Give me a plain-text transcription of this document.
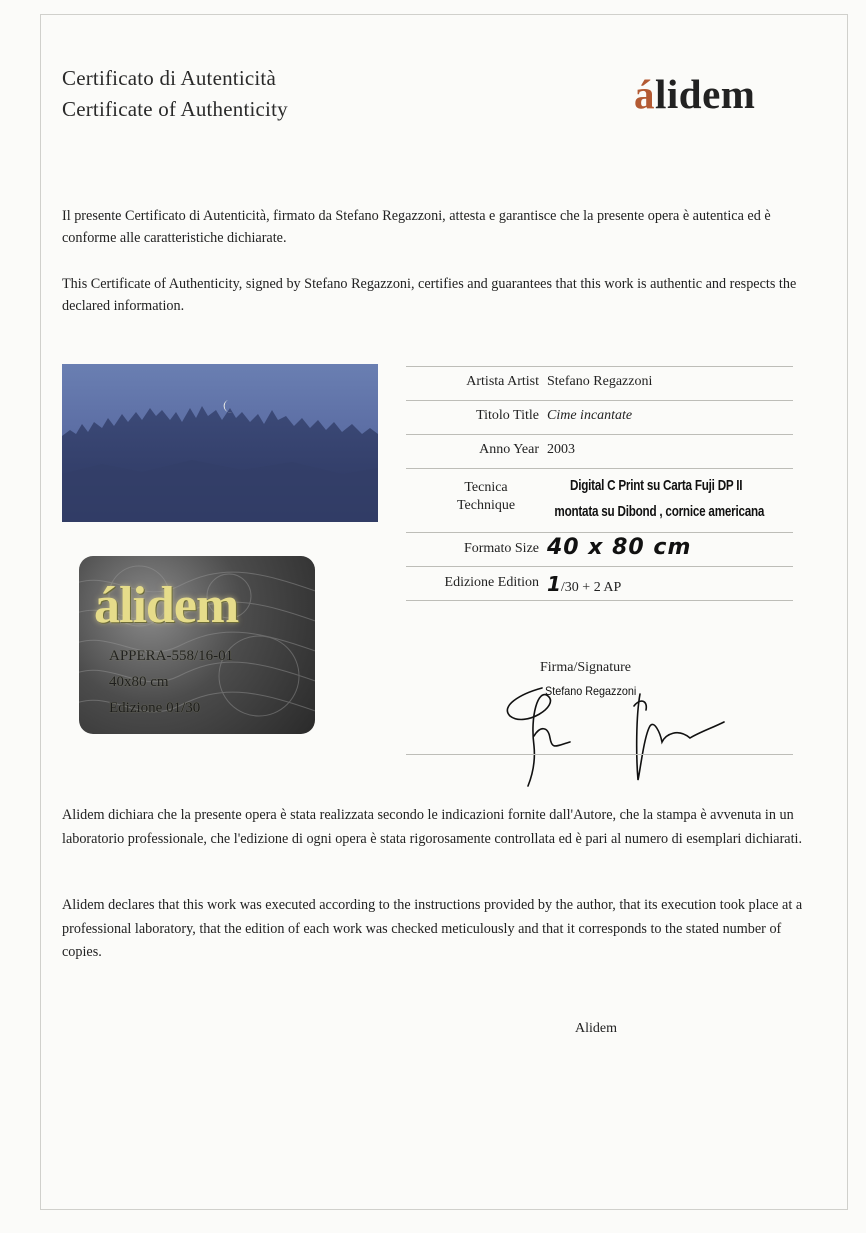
Certificato di Autenticità
Certificate of Authenticity	álidem

Il presente Certificato di Autenticità, firmato da Stefano Regazzoni, attesta e garantisce che la presente opera è autentica ed è conforme alle caratteristiche dichiarate.

This Certificate of Authenticity, signed by Stefano Regazzoni, certifies and guarantees that this work is authentic and respects the declared information.

álidem
APPERA-558/16-01
40x80 cm
Edizione 01/30
Artista Artist Stefano Regazzoni
Titolo Title Cime incantate
Anno Year 2003
Tecnica
Technique
Digital C Print su Carta Fuji DP II
montata su Dibond , cornice americana
Formato Size 40 x 80 cm
Edizione Edition 1/30 + 2 AP
Firma/Signature
Stefano Regazzoni

Alidem dichiara che la presente opera è stata realizzata secondo le indicazioni fornite dall'Autore, che la stampa è avvenuta in un laboratorio professionale, che l'edizione di ogni opera è stata rigorosamente controllata ed è pari al numero di esemplari dichiarati.

Alidem declares that this work was executed according to the instructions provided by the author, that its execution took place at a professional laboratory, that the edition of each work was checked meticulously and that it corresponds to the stated number of copies.

Alidem
